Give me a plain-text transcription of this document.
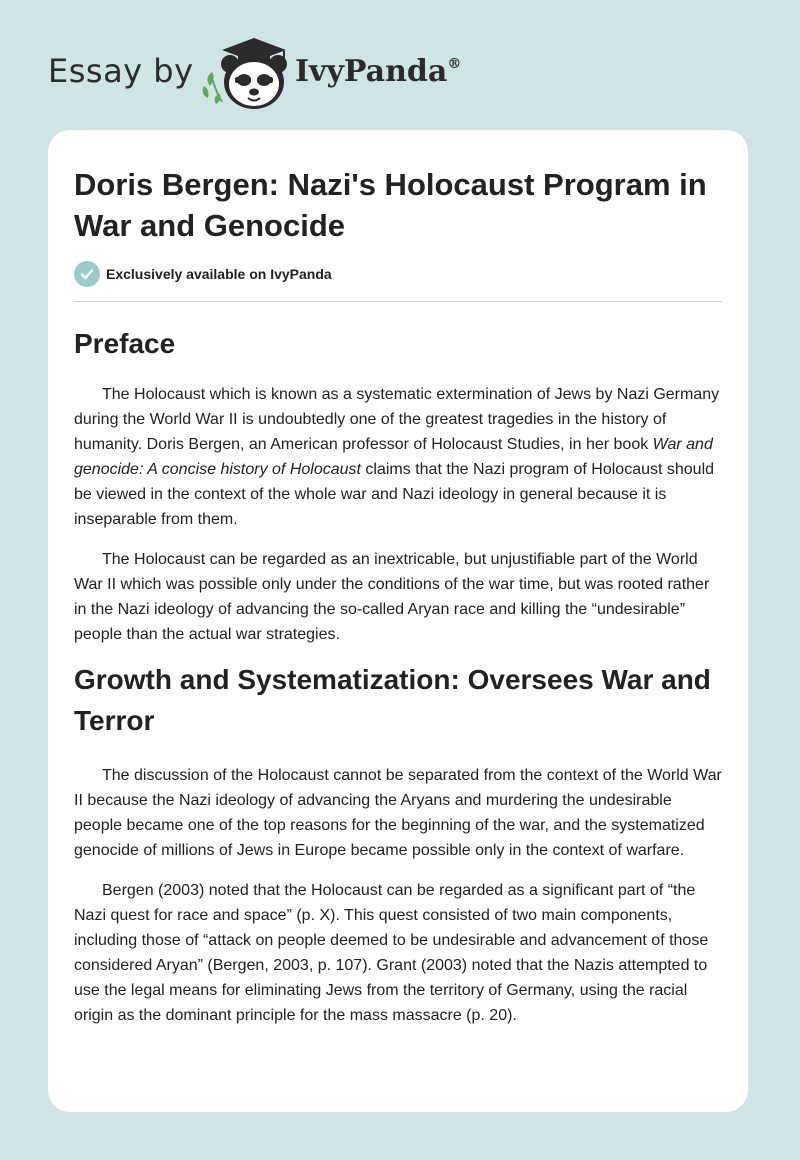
Essay by	IvyPanda®
Doris Bergen: Nazi's Holocaust Program in War and Genocide
Exclusively available on IvyPanda
Preface

The Holocaust which is known as a systematic extermination of Jews by Nazi Germany during the World War II is undoubtedly one of the greatest tragedies in the history of humanity. Doris Bergen, an American professor of Holocaust Studies, in her book War and genocide: A concise history of Holocaust claims that the Nazi program of Holocaust should be viewed in the context of the whole war and Nazi ideology in general because it is inseparable from them.

The Holocaust can be regarded as an inextricable, but unjustifiable part of the World War II which was possible only under the conditions of the war time, but was rooted rather in the Nazi ideology of advancing the so-called Aryan race and killing the “undesirable” people than the actual war strategies.

Growth and Systematization: Oversees War and Terror

The discussion of the Holocaust cannot be separated from the context of the World War II because the Nazi ideology of advancing the Aryans and murdering the undesirable people became one of the top reasons for the beginning of the war, and the systematized genocide of millions of Jews in Europe became possible only in the context of warfare.

Bergen (2003) noted that the Holocaust can be regarded as a significant part of “the Nazi quest for race and space” (p. X). This quest consisted of two main components, including those of “attack on people deemed to be undesirable and advancement of those considered Aryan” (Bergen, 2003, p. 107). Grant (2003) noted that the Nazis attempted to use the legal means for eliminating Jews from the territory of Germany, using the racial origin as the dominant principle for the mass massacre (p. 20).
